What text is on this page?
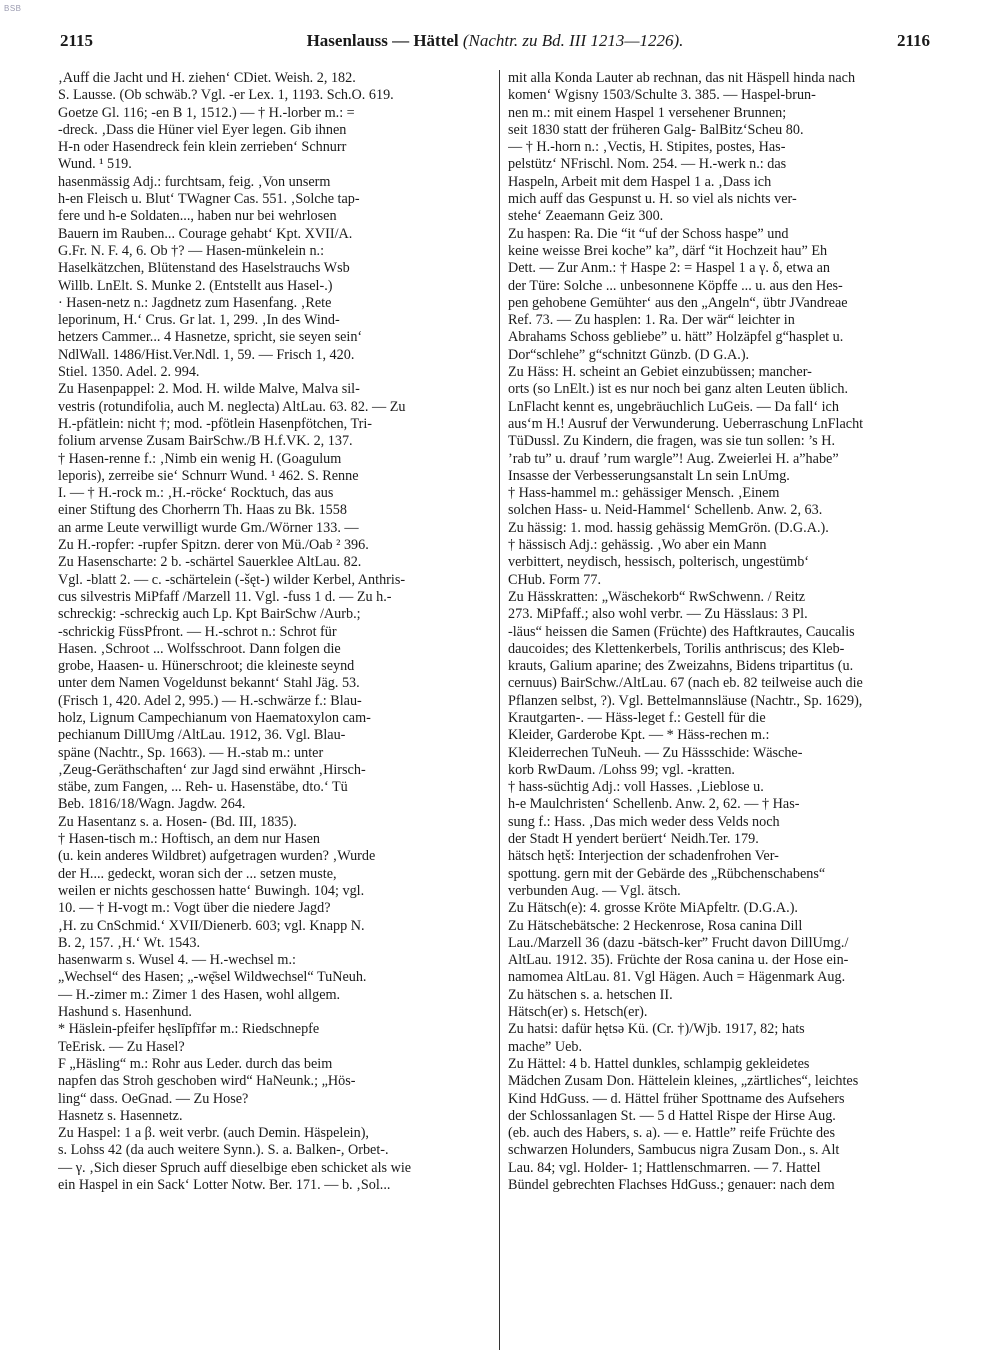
BSB
2115	Hasenlauss — Hättel (Nachtr. zu Bd. III 1213—1226).	2116
‚Auff die Jacht und H. ziehen‘ CDiet. Weish. 2, 182.
S. Lausse. (Ob schwäb.? Vgl. -er Lex. 1, 1193. Sch.O. 619.
Goetze Gl. 116; -en B 1, 1512.) — † H.-lorber m.: =
-dreck. ‚Dass die Hüner viel Eyer legen. Gib ihnen
H-n oder Hasendreck fein klein zerrieben‘ Schnurr
Wund. ¹ 519.
hasenmässig Adj.: furchtsam, feig. ‚Von unserm
h-en Fleisch u. Blut‘ TWagner Cas. 551. ‚Solche tap-
fere und h-e Soldaten..., haben nur bei wehrlosen
Bauern im Rauben... Courage gehabt‘ Kpt. XVII/A.
G.Fr. N. F. 4, 6. Ob †? — Hasen-münkelein n.:
Haselkätzchen, Blütenstand des Haselstrauchs Wsb
Willb. LnElt. S. Munke 2. (Entstellt aus Hasel-.)
· Hasen-netz n.: Jagdnetz zum Hasenfang. ‚Rete
leporinum, H.‘ Crus. Gr lat. 1, 299. ‚In des Wind-
hetzers Cammer... 4 Hasnetze, spricht, sie seyen sein‘
NdlWall. 1486/Hist.Ver.Ndl. 1, 59. — Frisch 1, 420.
Stiel. 1350. Adel. 2. 994.
Zu Hasenpappel: 2. Mod. H. wilde Malve, Malva sil-
vestris (rotundifolia, auch M. neglecta) AltLau. 63. 82. — Zu
H.-pfätlein: nicht †; mod. -pfötlein Hasenpfötchen, Tri-
folium arvense Zusam BairSchw./B H.f.VK. 2, 137.
† Hasen-renne f.: ‚Nimb ein wenig H. (Goagulum
leporis), zerreibe sie‘ Schnurr Wund. ¹ 462. S. Renne
I. — † H.-rock m.: ‚H.-röcke‘ Rocktuch, das aus
einer Stiftung des Chorherrn Th. Haas zu Bk. 1558
an arme Leute verwilligt wurde Gm./Wörner 133. —
Zu H.-ropfer: -rupfer Spitzn. derer von Mü./Oab ² 396.
Zu Hasenscharte: 2 b. -schärtel Sauerklee AltLau. 82.
Vgl. -blatt 2. — c. -schärtelein (-šęt-) wilder Kerbel, Anthris-
cus silvestris MiPfaff /Marzell 11. Vgl. -fuss 1 d. — Zu h.-
schreckig: -schreckig auch Lp. Kpt BairSchw /Aurb.;
-schrickig FüssPfront. — H.-schrot n.: Schrot für
Hasen. ‚Schroot ... Wolfsschroot. Dann folgen die
grobe, Haasen- u. Hünerschroot; die kleineste seynd
unter dem Namen Vogeldunst bekannt‘ Stahl Jäg. 53.
(Frisch 1, 420. Adel 2, 995.) — H.-schwärze f.: Blau-
holz, Lignum Campechianum von Haematoxylon cam-
pechianum DillUmg /AltLau. 1912, 36. Vgl. Blau-
späne (Nachtr., Sp. 1663). — H.-stab m.: unter
‚Zeug-Geräthschaften‘ zur Jagd sind erwähnt ‚Hirsch-
stäbe, zum Fangen, ... Reh- u. Hasenstäbe, dto.‘ Tü
Beb. 1816/18/Wagn. Jagdw. 264.
Zu Hasentanz s. a. Hosen- (Bd. III, 1835).
† Hasen-tisch m.: Hoftisch, an dem nur Hasen
(u. kein anderes Wildbret) aufgetragen wurden? ‚Wurde
der H.... gedeckt, woran sich der ... setzen muste,
weilen er nichts geschossen hatte‘ Buwingh. 104; vgl.
10. — † H-vogt m.: Vogt über die niedere Jagd?
‚H. zu CnSchmid.‘ XVII/Dienerb. 603; vgl. Knapp N.
B. 2, 157. ‚H.‘ Wt. 1543.
hasenwarm s. Wusel 4. — H.-wechsel m.:
„Wechsel“ des Hasen; „-wę̄sel Wildwechsel“ TuNeuh.
— H.-zimer m.: Zimer 1 des Hasen, wohl allgem.
Hashund s. Hasenhund.
* Häslein-pfeifer hęslīpfīfər m.: Riedschnepfe
TeErisk. — Zu Hasel?
F „Häsling“ m.: Rohr aus Leder. durch das beim
napfen das Stroh geschoben wird“ HaNeunk.; „Hös-
ling“ dass. OeGnad. — Zu Hose?
Hasnetz s. Hasennetz.
Zu Haspel: 1 a β. weit verbr. (auch Demin. Häspelein),
s. Lohss 42 (da auch weitere Synn.). S. a. Balken-, Orbet-.
— γ. ‚Sich dieser Spruch auff dieselbige eben schicket als wie
ein Haspel in ein Sack‘ Lotter Notw. Ber. 171. — b. ‚Sol...
mit alla Konda Lauter ab rechnan, das nit Häspell hinda nach
komen‘ Wgisny 1503/Schulte 3. 385. — Haspel-brun-
nen m.: mit einem Haspel 1 versehener Brunnen;
seit 1830 statt der früheren Galg- BalBitz‘Scheu 80.
— † H.-horn n.: ‚Vectis, H. Stipites, postes, Has-
pelstütz‘ NFrischl. Nom. 254. — H.-werk n.: das
Haspeln, Arbeit mit dem Haspel 1 a. ‚Dass ich
mich auff das Gespunst u. H. so viel als nichts ver-
stehe‘ Zeaemann Geiz 300.
Zu haspen: Ra. Die “it “uf der Schoss haspe” und
keine weisse Brei koche” ka”, därf “it Hochzeit hau” Eh
Dett. — Zur Anm.: † Haspe 2: = Haspel 1 a γ. δ, etwa an
der Türe: Solche ... unbesonnene Köpffe ... u. aus den Hes-
pen gehobene Gemühter‘ aus den „Angeln“, übtr JVandreae
Ref. 73. — Zu hasplen: 1. Ra. Der wär“ leichter in
Abrahams Schoss gebliebe” u. hätt” Holzäpfel g“hasplet u.
Dor“schlehe” g“schnitzt Günzb. (D G.A.).
Zu Häss: H. scheint an Gebiet einzubüssen; mancher-
orts (so LnElt.) ist es nur noch bei ganz alten Leuten üblich.
LnFlacht kennt es, ungebräuchlich LuGeis. — Da fall‘ ich
aus‘m H.! Ausruf der Verwunderung. Ueberraschung LnFlacht
TüDussl. Zu Kindern, die fragen, was sie tun sollen: ’s H.
’rab tu” u. drauf ’rum wargle”! Aug. Zweierlei H. a”habe”
Insasse der Verbesserungsanstalt Ln sein LnUmg.
† Hass-hammel m.: gehässiger Mensch. ‚Einem
solchen Hass- u. Neid-Hammel‘ Schellenb. Anw. 2, 63.
Zu hässig: 1. mod. hassig gehässig MemGrön. (D.G.A.).
† hässisch Adj.: gehässig. ‚Wo aber ein Mann
verbittert, neydisch, hessisch, polterisch, ungestümb‘
CHub. Form 77.
Zu Hässkratten: „Wäschekorb“ RwSchwenn. / Reitz
273. MiPfaff.; also wohl verbr. — Zu Hässlaus: 3 Pl.
-läus“ heissen die Samen (Früchte) des Haftkrautes, Caucalis
daucoides; des Klettenkerbels, Torilis anthriscus; des Kleb-
krauts, Galium aparine; des Zweizahns, Bidens tripartitus (u.
cernuus) BairSchw./AltLau. 67 (nach eb. 82 teilweise auch die
Pflanzen selbst, ?). Vgl. Bettelmannsläuse (Nachtr., Sp. 1629),
Krautgarten-. — Häss-leget f.: Gestell für die
Kleider, Garderobe Kpt. — * Häss-rechen m.:
Kleiderrechen TuNeuh. — Zu Hässschide: Wäsche-
korb RwDaum. /Lohss 99; vgl. -kratten.
† hass-süchtig Adj.: voll Hasses. ‚Lieblose u.
h-e Maulchristen‘ Schellenb. Anw. 2, 62. — † Has-
sung f.: Hass. ‚Das mich weder dess Velds noch
der Stadt H yendert berüert‘ Neidh.Ter. 179.
hätsch hętš: Interjection der schadenfrohen Ver-
spottung. gern mit der Gebärde des „Rübchenschabens“
verbunden Aug. — Vgl. ätsch.
Zu Hätsch(e): 4. grosse Kröte MiApfeltr. (D.G.A.).
Zu Hätschebätsche: 2 Heckenrose, Rosa canina Dill
Lau./Marzell 36 (dazu -bätsch-ker” Frucht davon DillUmg./
AltLau. 1912. 35). Früchte der Rosa canina u. der Hose ein-
namomea AltLau. 81. Vgl Hägen. Auch = Hägenmark Aug.
Zu hätschen s. a. hetschen II.
Hätsch(er) s. Hetsch(er).
Zu hatsi: dafür hętsə Kü. (Cr. †)/Wjb. 1917, 82; hats
mache” Ueb.
Zu Hättel: 4 b. Hattel dunkles, schlampig gekleidetes
Mädchen Zusam Don. Hättelein kleines, „zärtliches“, leichtes
Kind HdGuss. — d. Hättel früher Spottname des Aufsehers
der Schlossanlagen St. — 5 d Hattel Rispe der Hirse Aug.
(eb. auch des Habers, s. a). — e. Hattle” reife Früchte des
schwarzen Holunders, Sambucus nigra Zusam Don., s. Alt
Lau. 84; vgl. Holder- 1; Hattlenschmarren. — 7. Hattel
Bündel gebrechten Flachses HdGuss.; genauer: nach dem
